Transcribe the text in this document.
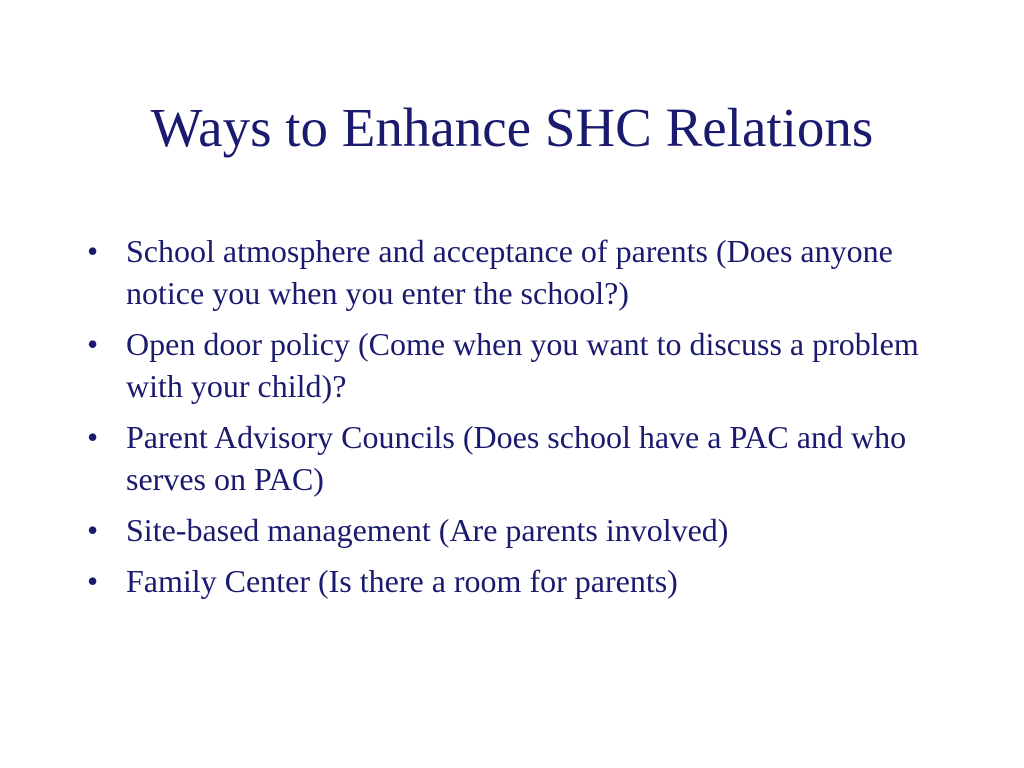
Ways to Enhance SHC Relations
• School atmosphere and acceptance of parents (Does anyone notice you when you enter the school?)
• Open door policy (Come when you want to discuss a problem with your child)?
• Parent Advisory Councils (Does school have a PAC and who serves on PAC)
• Site-based management (Are parents involved)
• Family Center (Is there a room for parents)
